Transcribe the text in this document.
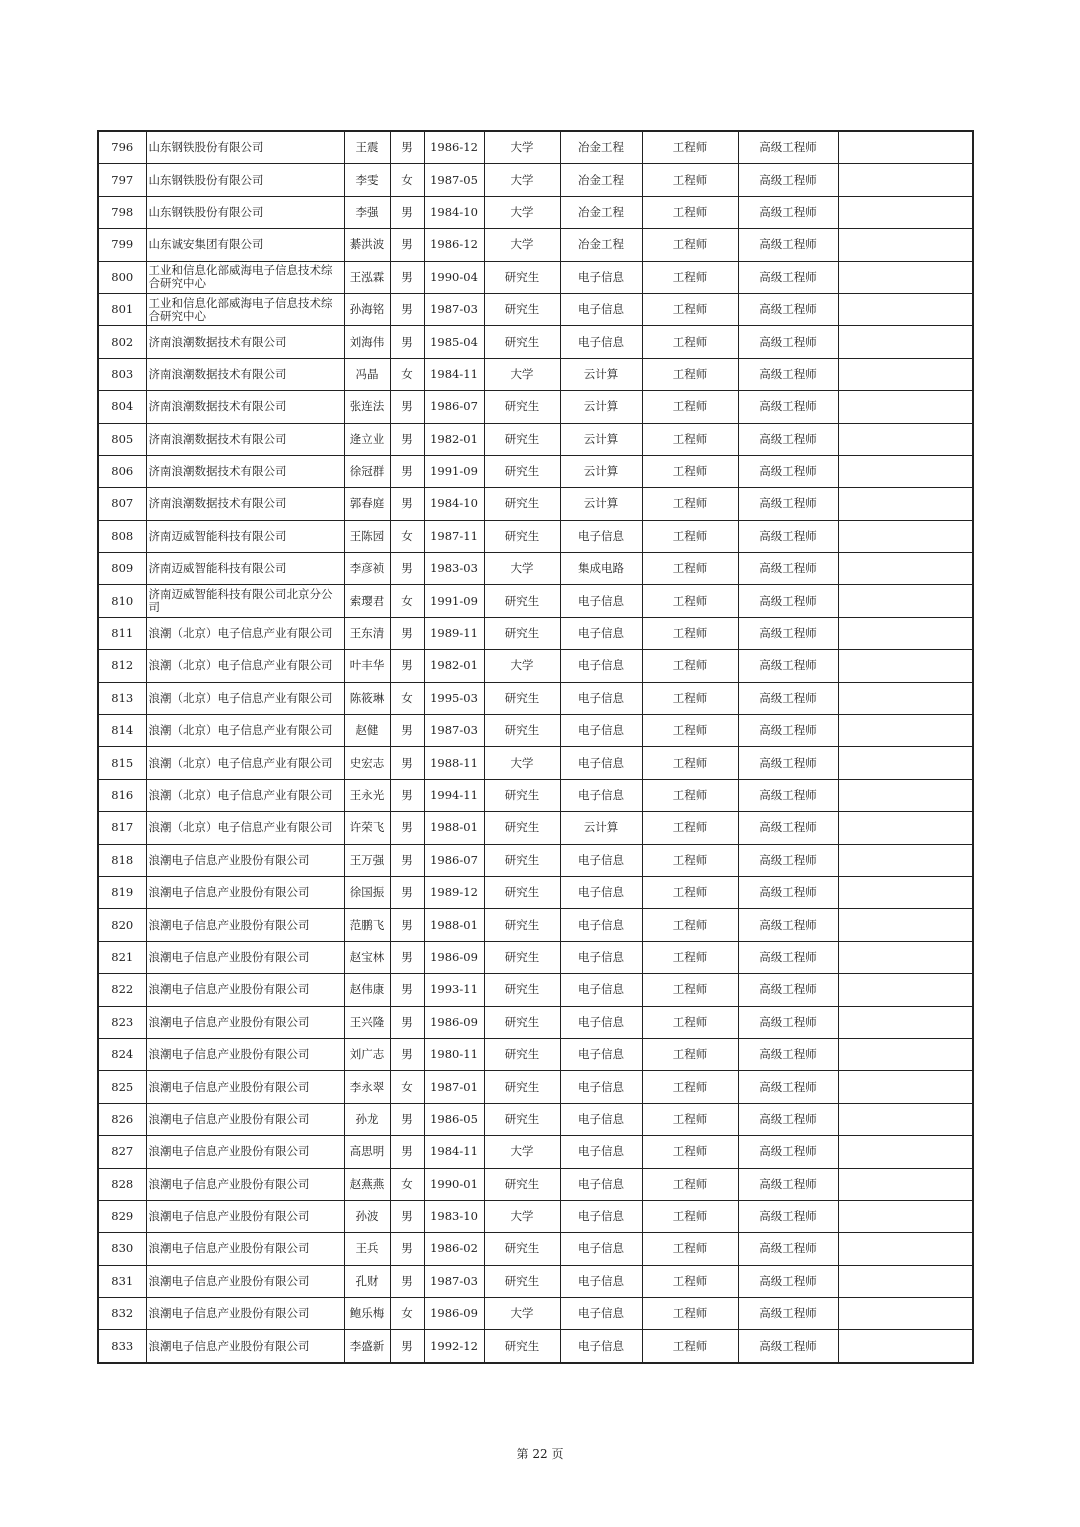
796	山东钢铁股份有限公司	王震	男	1986-12	大学	冶金工程	工程师	高级工程师	
797	山东钢铁股份有限公司	李雯	女	1987-05	大学	冶金工程	工程师	高级工程师	
798	山东钢铁股份有限公司	李强	男	1984-10	大学	冶金工程	工程师	高级工程师	
799	山东诚安集团有限公司	綦洪波	男	1986-12	大学	冶金工程	工程师	高级工程师	
800	工业和信息化部威海电子信息技术综合研究中心	王泓霖	男	1990-04	研究生	电子信息	工程师	高级工程师	
801	工业和信息化部威海电子信息技术综合研究中心	孙海铭	男	1987-03	研究生	电子信息	工程师	高级工程师	
802	济南浪潮数据技术有限公司	刘海伟	男	1985-04	研究生	电子信息	工程师	高级工程师	
803	济南浪潮数据技术有限公司	冯晶	女	1984-11	大学	云计算	工程师	高级工程师	
804	济南浪潮数据技术有限公司	张连法	男	1986-07	研究生	云计算	工程师	高级工程师	
805	济南浪潮数据技术有限公司	逄立业	男	1982-01	研究生	云计算	工程师	高级工程师	
806	济南浪潮数据技术有限公司	徐冠群	男	1991-09	研究生	云计算	工程师	高级工程师	
807	济南浪潮数据技术有限公司	郭春庭	男	1984-10	研究生	云计算	工程师	高级工程师	
808	济南迈威智能科技有限公司	王陈园	女	1987-11	研究生	电子信息	工程师	高级工程师	
809	济南迈威智能科技有限公司	李彦祯	男	1983-03	大学	集成电路	工程师	高级工程师	
810	济南迈威智能科技有限公司北京分公司	索璎君	女	1991-09	研究生	电子信息	工程师	高级工程师	
811	浪潮（北京）电子信息产业有限公司	王东清	男	1989-11	研究生	电子信息	工程师	高级工程师	
812	浪潮（北京）电子信息产业有限公司	叶丰华	男	1982-01	大学	电子信息	工程师	高级工程师	
813	浪潮（北京）电子信息产业有限公司	陈筱琳	女	1995-03	研究生	电子信息	工程师	高级工程师	
814	浪潮（北京）电子信息产业有限公司	赵健	男	1987-03	研究生	电子信息	工程师	高级工程师	
815	浪潮（北京）电子信息产业有限公司	史宏志	男	1988-11	大学	电子信息	工程师	高级工程师	
816	浪潮（北京）电子信息产业有限公司	王永光	男	1994-11	研究生	电子信息	工程师	高级工程师	
817	浪潮（北京）电子信息产业有限公司	许荣飞	男	1988-01	研究生	云计算	工程师	高级工程师	
818	浪潮电子信息产业股份有限公司	王万强	男	1986-07	研究生	电子信息	工程师	高级工程师	
819	浪潮电子信息产业股份有限公司	徐国振	男	1989-12	研究生	电子信息	工程师	高级工程师	
820	浪潮电子信息产业股份有限公司	范鹏飞	男	1988-01	研究生	电子信息	工程师	高级工程师	
821	浪潮电子信息产业股份有限公司	赵宝林	男	1986-09	研究生	电子信息	工程师	高级工程师	
822	浪潮电子信息产业股份有限公司	赵伟康	男	1993-11	研究生	电子信息	工程师	高级工程师	
823	浪潮电子信息产业股份有限公司	王兴隆	男	1986-09	研究生	电子信息	工程师	高级工程师	
824	浪潮电子信息产业股份有限公司	刘广志	男	1980-11	研究生	电子信息	工程师	高级工程师	
825	浪潮电子信息产业股份有限公司	李永翠	女	1987-01	研究生	电子信息	工程师	高级工程师	
826	浪潮电子信息产业股份有限公司	孙龙	男	1986-05	研究生	电子信息	工程师	高级工程师	
827	浪潮电子信息产业股份有限公司	高思明	男	1984-11	大学	电子信息	工程师	高级工程师	
828	浪潮电子信息产业股份有限公司	赵燕燕	女	1990-01	研究生	电子信息	工程师	高级工程师	
829	浪潮电子信息产业股份有限公司	孙波	男	1983-10	大学	电子信息	工程师	高级工程师	
830	浪潮电子信息产业股份有限公司	王兵	男	1986-02	研究生	电子信息	工程师	高级工程师	
831	浪潮电子信息产业股份有限公司	孔财	男	1987-03	研究生	电子信息	工程师	高级工程师	
832	浪潮电子信息产业股份有限公司	鲍乐梅	女	1986-09	大学	电子信息	工程师	高级工程师	
833	浪潮电子信息产业股份有限公司	李盛新	男	1992-12	研究生	电子信息	工程师	高级工程师	
第 22 页
